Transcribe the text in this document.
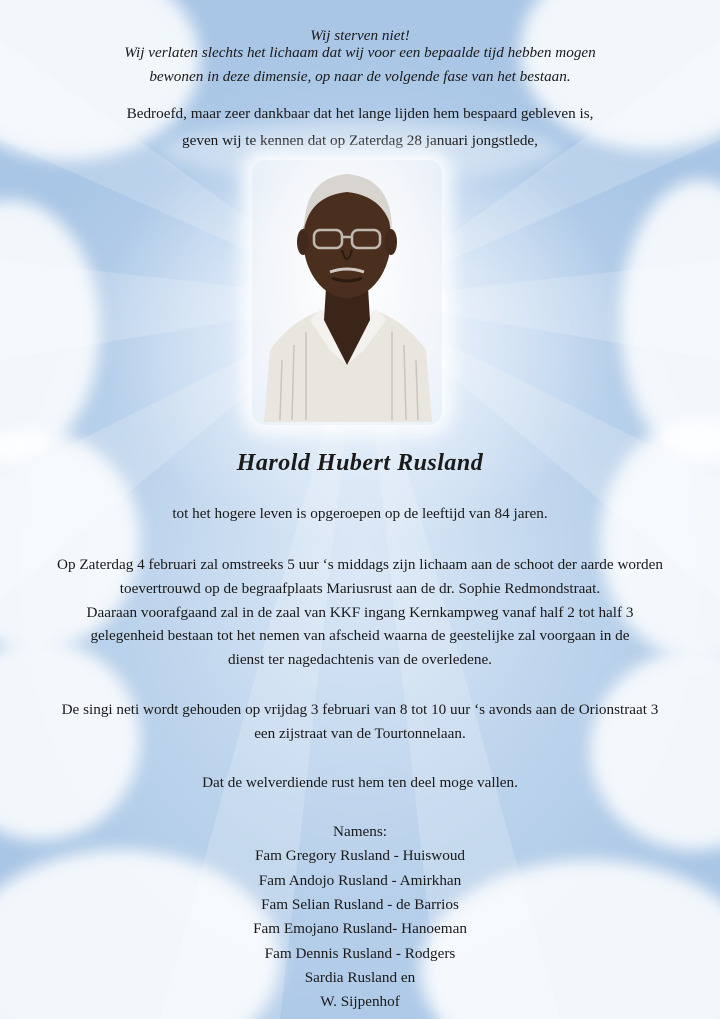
Wij sterven niet!
Wij verlaten slechts het lichaam dat wij voor een bepaalde tijd hebben mogen
bewonen in deze dimensie, op naar de volgende fase van het bestaan.
Bedroefd, maar zeer dankbaar dat het lange lijden hem bespaard gebleven is,
geven wij te kennen dat op Zaterdag 28 januari jongstlede,
Harold Hubert Rusland
tot het hogere leven is opgeroepen op de leeftijd van 84 jaren.
Op Zaterdag 4 februari zal omstreeks 5 uur ‘s middags zijn lichaam aan de schoot der aarde worden
toevertrouwd op de begraafplaats Mariusrust aan de dr. Sophie Redmondstraat.
Daaraan voorafgaand zal in de zaal van KKF ingang Kernkampweg vanaf half 2 tot half 3
gelegenheid bestaan tot het nemen van afscheid waarna de geestelijke zal voorgaan in de
dienst ter nagedachtenis van de overledene.
De singi neti wordt gehouden op vrijdag 3 februari van 8 tot 10 uur ‘s avonds aan de Orionstraat 3
een zijstraat van de Tourtonnelaan.
Dat de welverdiende rust hem ten deel moge vallen.
Namens:
Fam Gregory Rusland - Huiswoud
Fam Andojo Rusland - Amirkhan
Fam Selian Rusland - de Barrios
Fam Emojano Rusland- Hanoeman
Fam Dennis Rusland - Rodgers
Sardia Rusland en
W. Sijpenhof
